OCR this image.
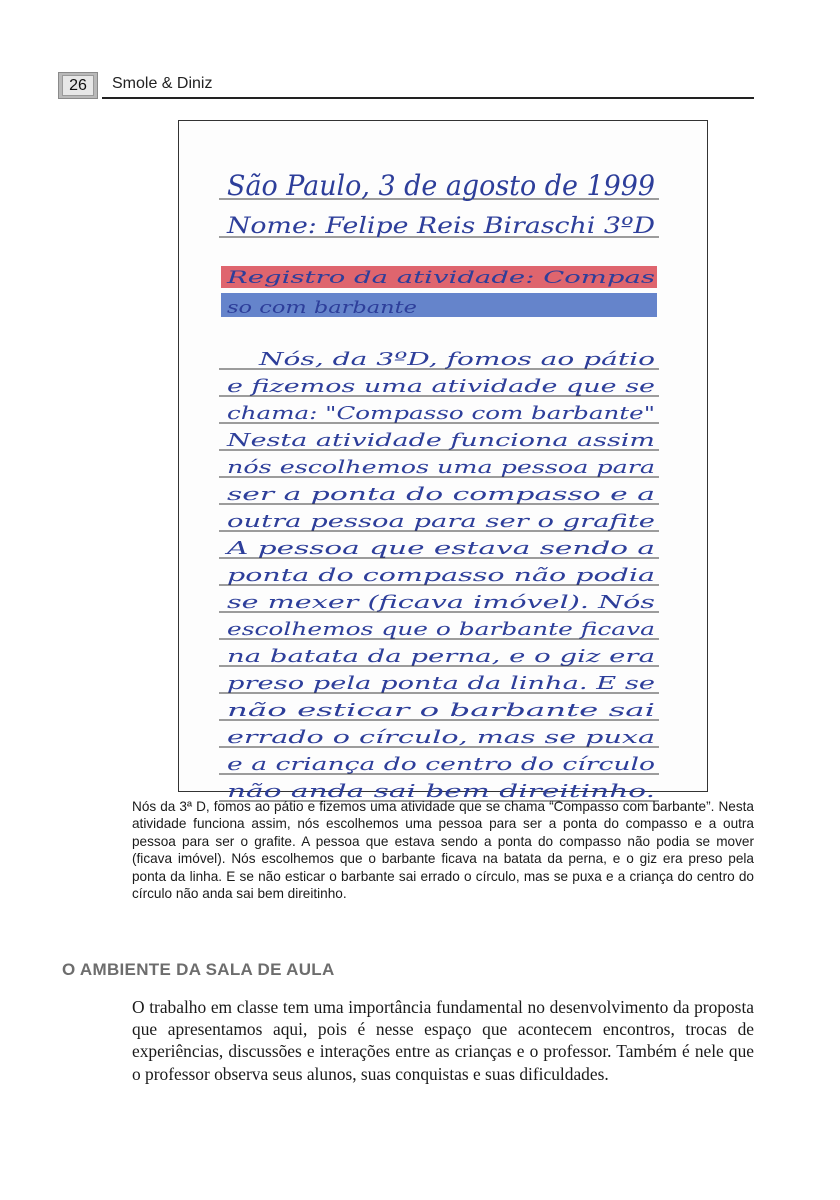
26	Smole & Diniz
São Paulo, 3 de agosto de 1999
Nome: Felipe Reis Biraschi 3ºD
Registro da atividade: Compas
so com barbante
Nós, da 3ºD, fomos ao pátio
e fizemos uma atividade que se
chama: "Compasso com barbante"
Nesta atividade funciona assim
nós escolhemos uma pessoa para
ser a ponta do compasso e a
outra pessoa para ser o grafite
A pessoa que estava sendo a
ponta do compasso não podia
se mexer (ficava imóvel). Nós
escolhemos que o barbante ficava
na batata da perna, e o giz era
preso pela ponta da linha. E se
não esticar o barbante sai
errado o círculo, mas se puxa
e a criança do centro do círculo
não anda sai bem direitinho.
Nós da 3ª D, fomos ao pátio e fizemos uma atividade que se chama “Compasso com barbante”. Nesta atividade funciona assim, nós escolhemos uma pessoa para ser a ponta do compasso e a outra pessoa para ser o grafite. A pessoa que estava sendo a ponta do compasso não podia se mover (ficava imóvel). Nós escolhemos que o barbante ficava na batata da perna, e o giz era preso pela ponta da linha. E se não esticar o barbante sai errado o círculo, mas se puxa e a criança do centro do círculo não anda sai bem direitinho.
O AMBIENTE DA SALA DE AULA
O trabalho em classe tem uma importância fundamental no desenvolvimento da proposta que apresentamos aqui, pois é nesse espaço que acontecem encontros, trocas de experiências, discussões e interações entre as crianças e o professor. Também é nele que o professor observa seus alunos, suas conquistas e suas dificuldades.
